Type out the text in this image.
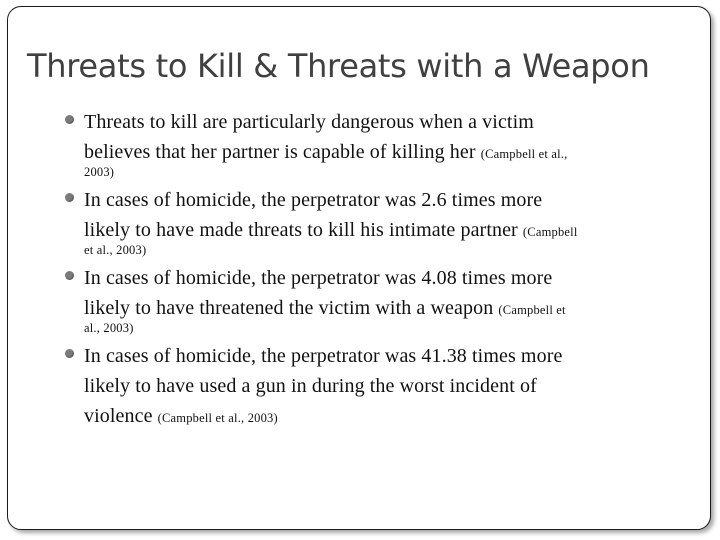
Threats to Kill & Threats with a Weapon
Threats to kill are particularly dangerous when a victim
believes that her partner is capable of killing her (Campbell et al.,
2003)
In cases of homicide, the perpetrator was 2.6 times more
likely to have made threats to kill his intimate partner (Campbell
et al., 2003)
In cases of homicide, the perpetrator was 4.08 times more
likely to have threatened the victim with a weapon (Campbell et
al., 2003)
In cases of homicide, the perpetrator was 41.38 times more
likely to have used a gun in during the worst incident of
violence (Campbell et al., 2003)
